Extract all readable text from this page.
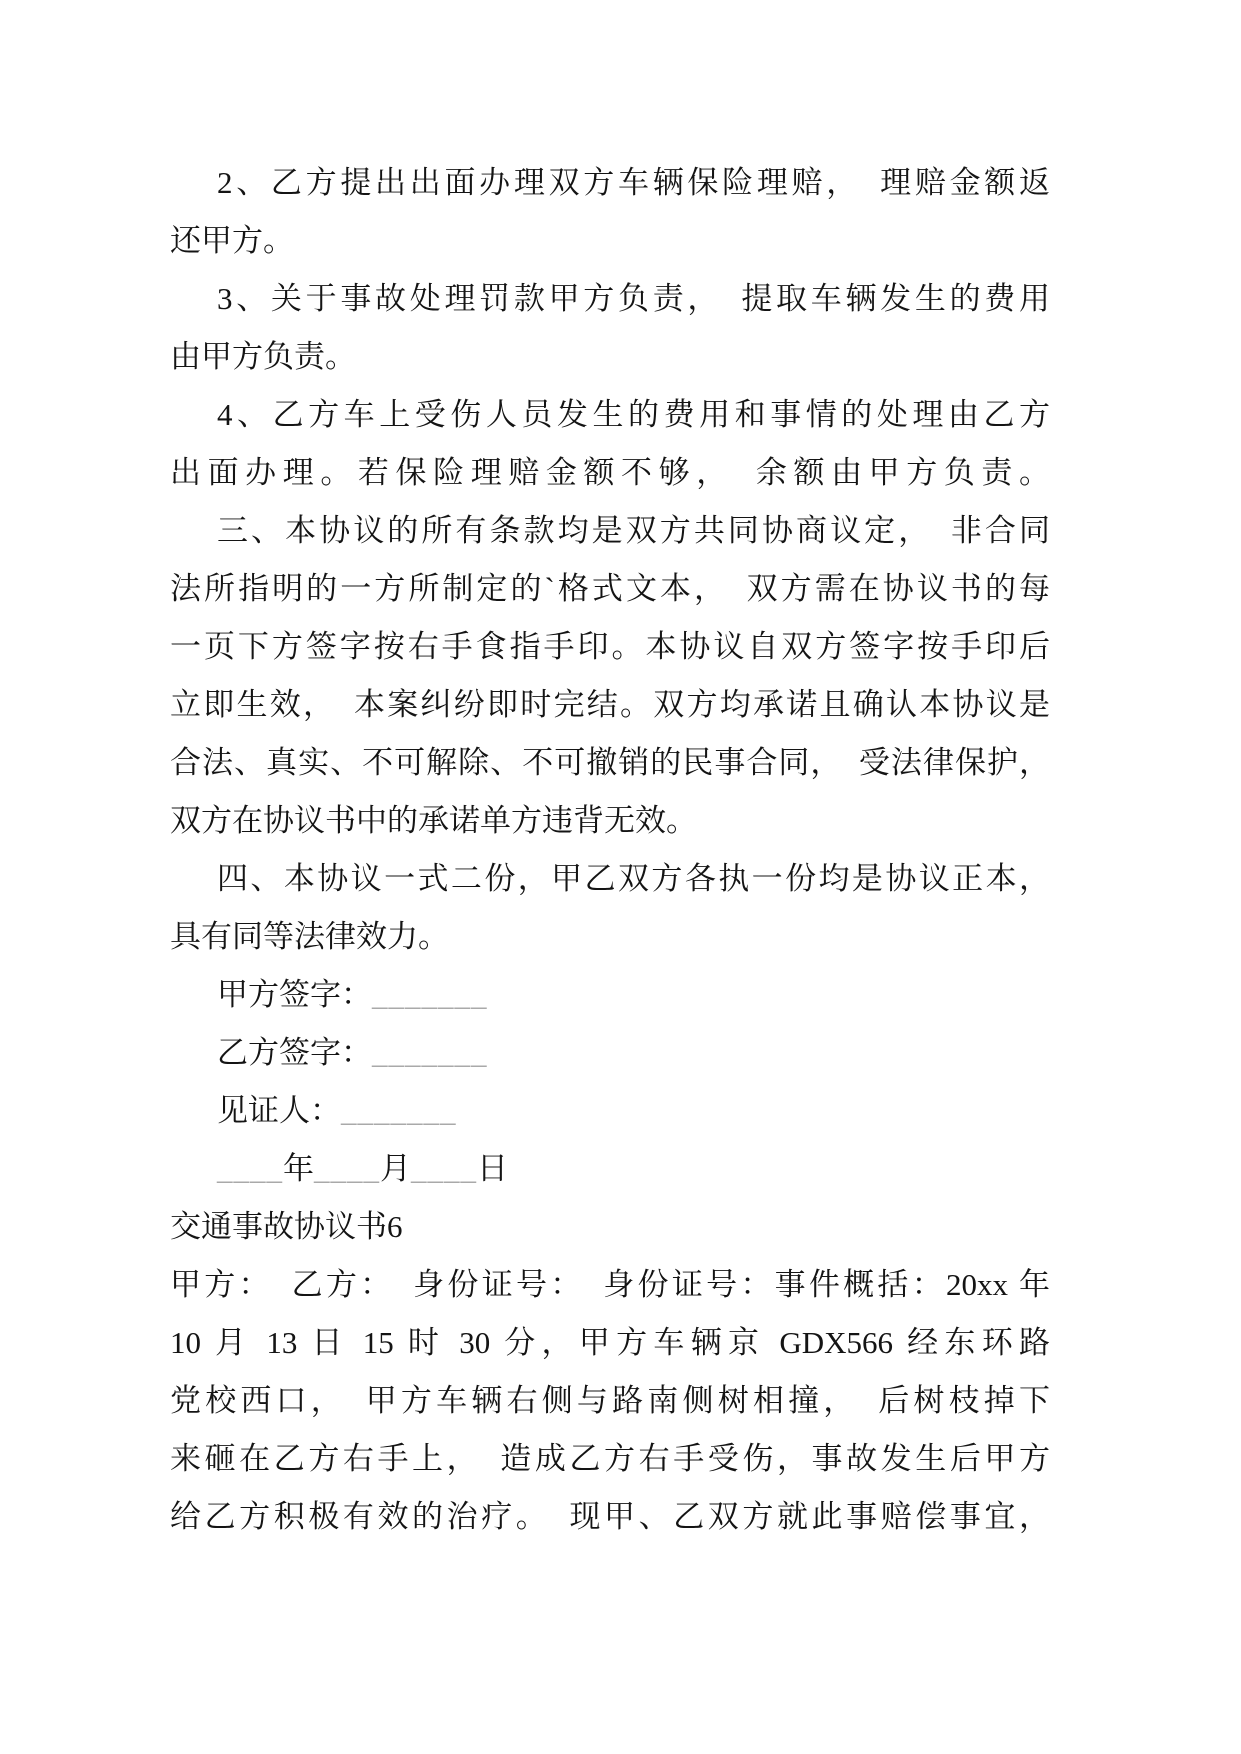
2、乙方提出出面办理双方车辆保险理赔，　理赔金额返
还甲方。
3、关于事故处理罚款甲方负责，　提取车辆发生的费用
由甲方负责。
4、乙方车上受伤人员发生的费用和事情的处理由乙方
出面办理。若保险理赔金额不够，　余额由甲方负责。
三、本协议的所有条款均是双方共同协商议定，　非合同
法所指明的一方所制定的`格式文本，　双方需在协议书的每
一页下方签字按右手食指手印。本协议自双方签字按手印后
立即生效，　本案纠纷即时完结。双方均承诺且确认本协议是
合法、真实、不可解除、不可撤销的民事合同，　受法律保护，
双方在协议书中的承诺单方违背无效。
四、本协议一式二份，甲乙双方各执一份均是协议正本，
具有同等法律效力。
甲方签字：_______
乙方签字：_______
见证人：_______
____年____月____日
交通事故协议书6
甲方：　乙方：　身份证号：　身份证号：事件概括：20xx 年
10 月 13 日 15 时 30 分，甲方车辆京 GDX566 经东环路
党校西口，　甲方车辆右侧与路南侧树相撞，　后树枝掉下
来砸在乙方右手上，　造成乙方右手受伤，事故发生后甲方
给乙方积极有效的治疗。　现甲、乙双方就此事赔偿事宜，
